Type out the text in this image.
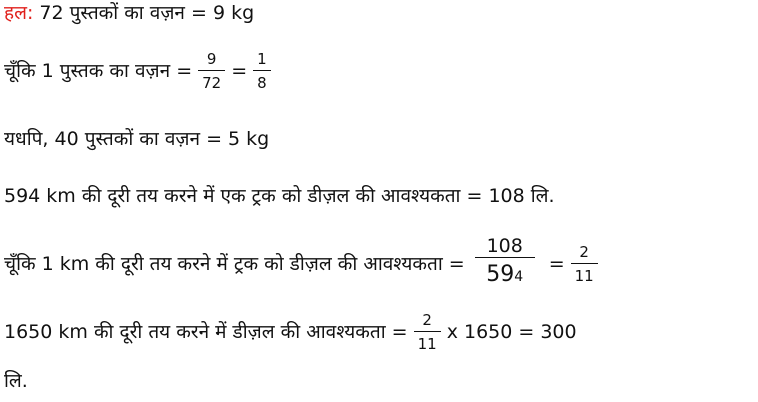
हल: 72 पुस्तकों का वज़न = 9 kg
चूँकि 1 पुस्तक का वज़न = $\frac{9}{72} = \frac{1}{8}$
यधपि, 40 पुस्तकों का वज़न = 5 kg
594 km की दूरी तय करने में एक ट्रक को डीज़ल की आवश्यकता = 108 लि.
चूँकि 1 km की दूरी तय करने में ट्रक को डीज़ल की आवश्यकता = $\frac{108}{594} = \frac{2}{11}$
1650 km की दूरी तय करने में डीज़ल की आवश्यकता = $\frac{2}{11}$ x 1650 = 300
लि.
